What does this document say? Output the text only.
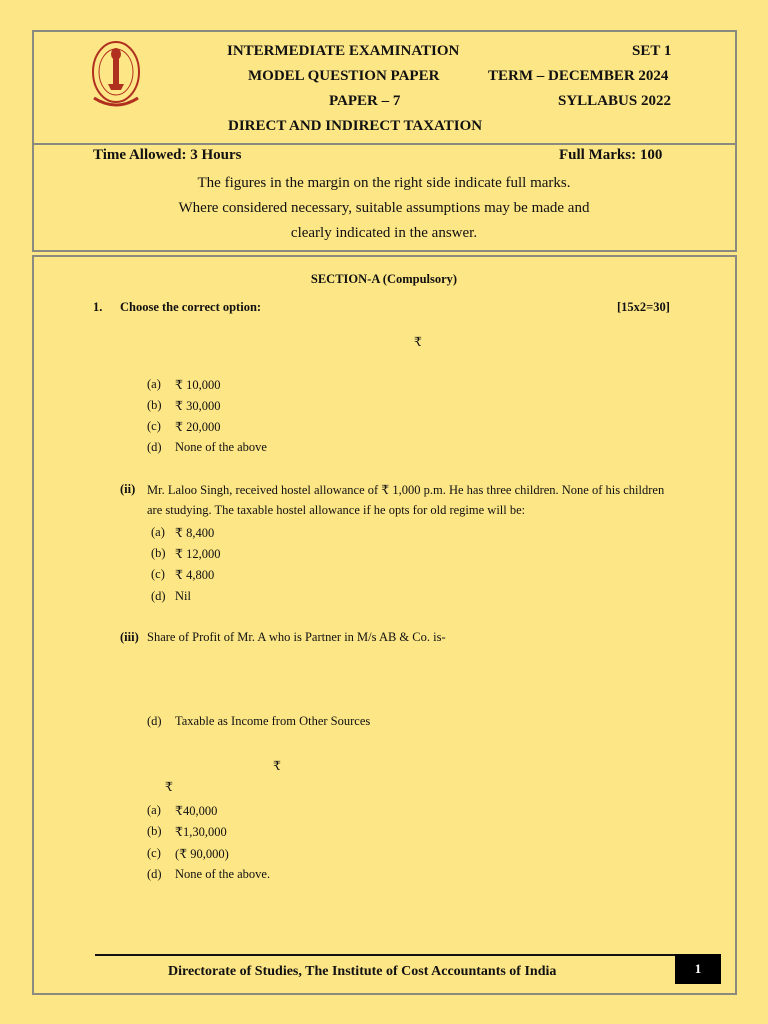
INTERMEDIATE EXAMINATION	SET 1
MODEL QUESTION PAPER	TERM – DECEMBER 2024
PAPER – 7	SYLLABUS 2022
DIRECT AND INDIRECT TAXATION
Time Allowed: 3 Hours	Full Marks: 100
The figures in the margin on the right side indicate full marks.
Where considered necessary, suitable assumptions may be made and
clearly indicated in the answer.
SECTION-A (Compulsory)
1. Choose the correct option:	[15x2=30]
₹
(a) ₹ 10,000
(b) ₹ 30,000
(c) ₹ 20,000
(d) None of the above
(ii) Mr. Laloo Singh, received hostel allowance of ₹ 1,000 p.m. He has three children. None of his children
are studying. The taxable hostel allowance if he opts for old regime will be:
(a) ₹ 8,400
(b) ₹ 12,000
(c) ₹ 4,800
(d) Nil
(iii) Share of Profit of Mr. A who is Partner in M/s AB & Co. is-
(d) Taxable as Income from Other Sources
₹
₹
(a) ₹40,000
(b) ₹1,30,000
(c) (₹ 90,000)
(d) None of the above.
Directorate of Studies, The Institute of Cost Accountants of India	1
